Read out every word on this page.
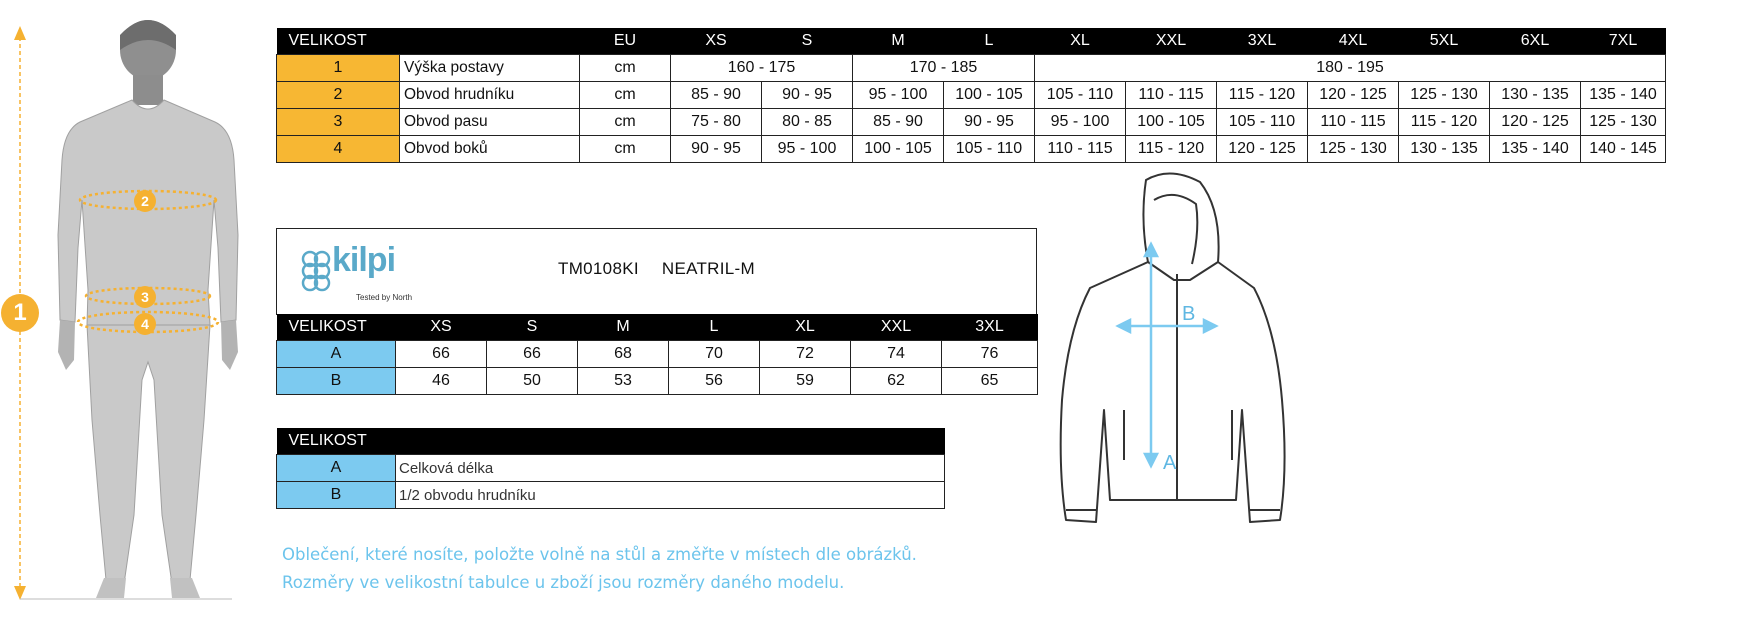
1
2
3
4
VELIKOST		EU	XS	S	M	L	XL	XXL	3XL	4XL	5XL	6XL	7XL
1	Výška postavy	cm	160 - 175		170 - 185		180 - 195						
2	Obvod hrudníku	cm	85 - 90	90 - 95	95 - 100	100 - 105	105 - 110	110 - 115	115 - 120	120 - 125	125 - 130	130 - 135	135 - 140
3	Obvod pasu	cm	75 - 80	80 - 85	85 - 90	90 - 95	95 - 100	100 - 105	105 - 110	110 - 115	115 - 120	120 - 125	125 - 130
4	Obvod boků	cm	90 - 95	95 - 100	100 - 105	105 - 110	110 - 115	115 - 120	120 - 125	125 - 130	130 - 135	135 - 140	140 - 145
kilpi
Tested by North
TM0108KI NEATRIL-M
VELIKOST	XS	S	M	L	XL	XXL	3XL
A	66	66	68	70	72	74	76
B	46	50	53	56	59	62	65
VELIKOST	
A	Celková délka
B	1/2 obvodu hrudníku
Oblečení, které nosíte, položte volně na stůl a změřte v místech dle obrázků.
Rozměry ve velikostní tabulce u zboží jsou rozměry daného modelu.
B
A
